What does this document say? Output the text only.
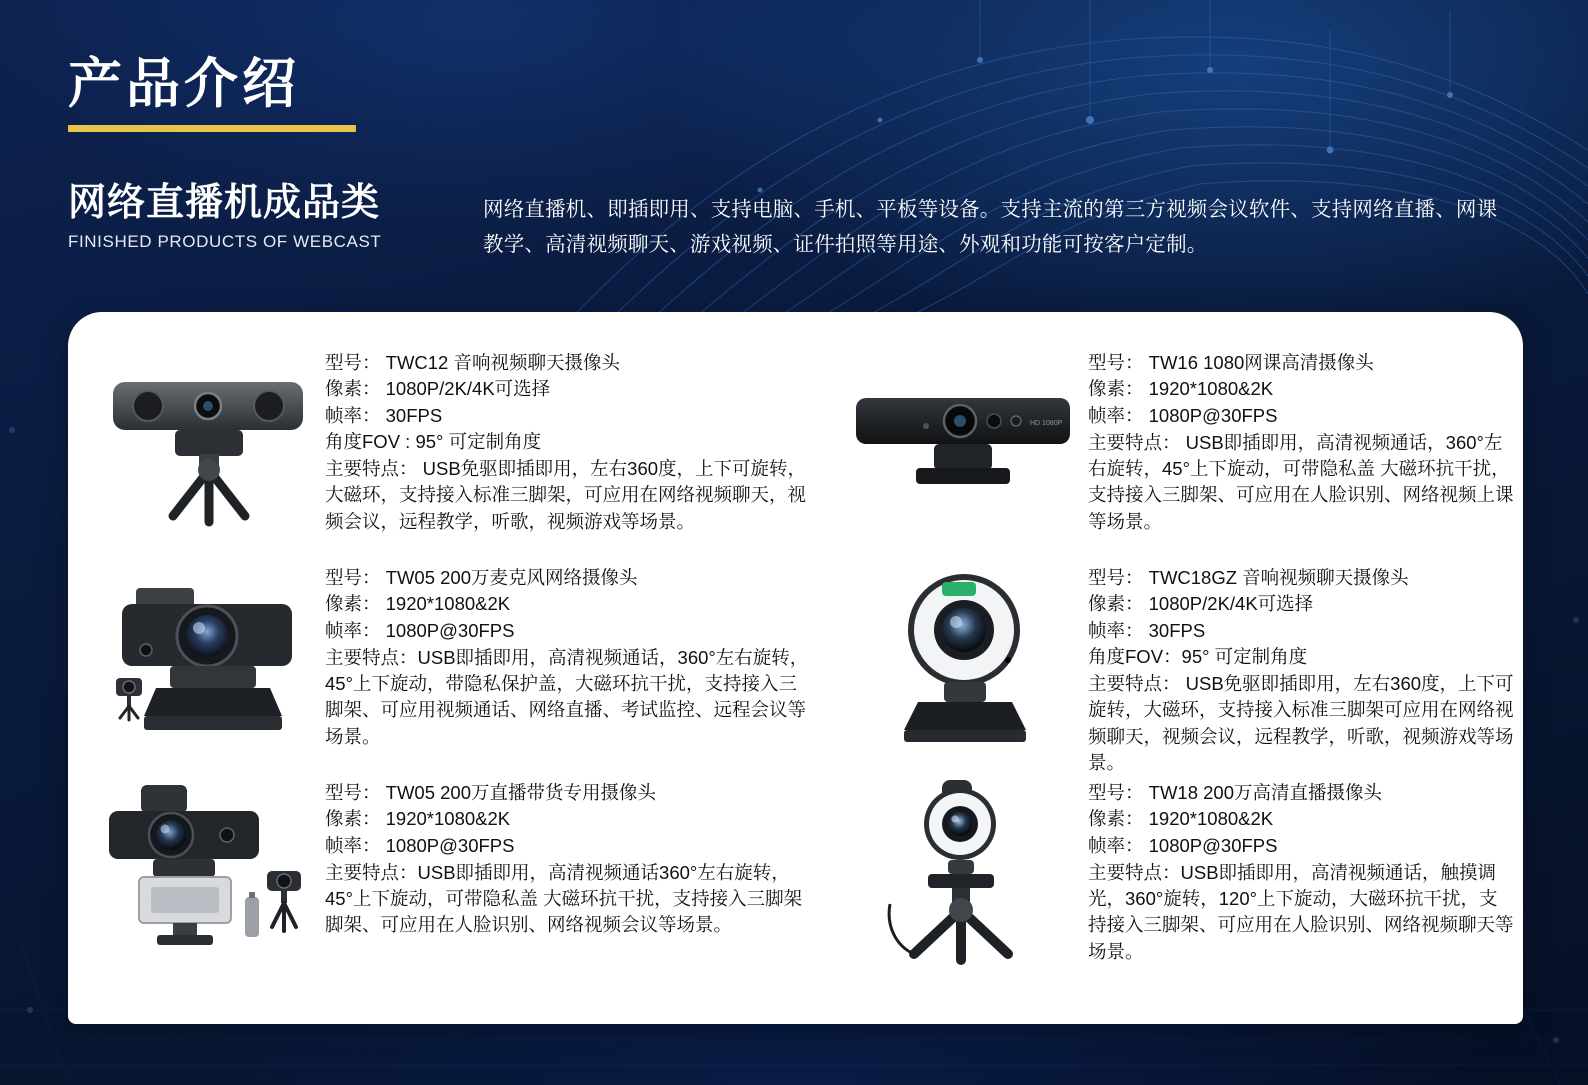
产品介绍
网络直播机成品类
FINISHED PRODUCTS OF WEBCAST
网络直播机、即插即用、支持电脑、手机、平板等设备。支持主流的第三方视频会议软件、支持网络直播、网课教学、高清视频聊天、游戏视频、证件拍照等用途、外观和功能可按客户定制。
型号： TWC12 音响视频聊天摄像头
像素： 1080P/2K/4K可选择
帧率： 30FPS
角度FOV : 95° 可定制角度
主要特点： USB免驱即插即用，左右360度，上下可旋转，大磁环，支持接入标准三脚架，可应用在网络视频聊天，视频会议，远程教学，听歌，视频游戏等场景。
HD 1080P
型号： TW16 1080网课高清摄像头
像素： 1920*1080&2K
帧率： 1080P@30FPS
主要特点： USB即插即用，高清视频通话，360°左右旋转，45°上下旋动，可带隐私盖 大磁环抗干扰，支持接入三脚架、可应用在人脸识别、网络视频上课等场景。
型号： TW05 200万麦克风网络摄像头
像素： 1920*1080&2K
帧率： 1080P@30FPS
主要特点：USB即插即用，高清视频通话，360°左右旋转，45°上下旋动，带隐私保护盖，大磁环抗干扰，支持接入三脚架、可应用视频通话、网络直播、考试监控、远程会议等场景。
型号： TWC18GZ 音响视频聊天摄像头
像素： 1080P/2K/4K可选择
帧率： 30FPS
角度FOV：95° 可定制角度
主要特点： USB免驱即插即用，左右360度，上下可旋转，大磁环，支持接入标准三脚架可应用在网络视频聊天，视频会议，远程教学，听歌，视频游戏等场景。
型号： TW05 200万直播带货专用摄像头
像素： 1920*1080&2K
帧率： 1080P@30FPS
主要特点：USB即插即用，高清视频通话360°左右旋转，45°上下旋动，可带隐私盖 大磁环抗干扰，支持接入三脚架脚架、可应用在人脸识别、网络视频会议等场景。
型号： TW18 200万高清直播摄像头
像素： 1920*1080&2K
帧率： 1080P@30FPS
主要特点：USB即插即用，高清视频通话，触摸调光，360°旋转，120°上下旋动，大磁环抗干扰，支持接入三脚架、可应用在人脸识别、网络视频聊天等场景。
